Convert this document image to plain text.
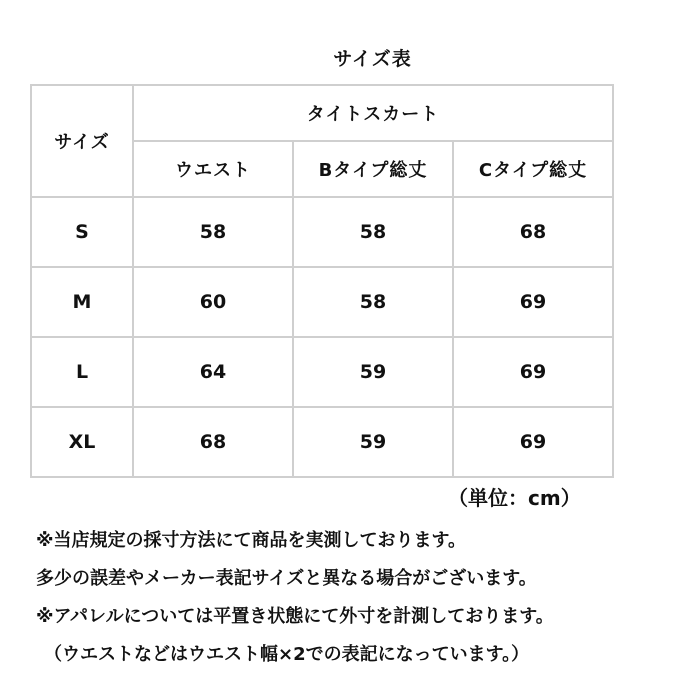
サイズ表
サイズ	タイトスカート		
	ウエスト	Bタイプ総丈	Cタイプ総丈
S	58	58	68
M	60	58	69
L	64	59	69
XL	68	59	69
（単位：cm）
※当店規定の採寸方法にて商品を実測しております。
多少の誤差やメーカー表記サイズと異なる場合がございます。
※アパレルについては平置き状態にて外寸を計測しております。
（ウエストなどはウエスト幅×2での表記になっています。）
